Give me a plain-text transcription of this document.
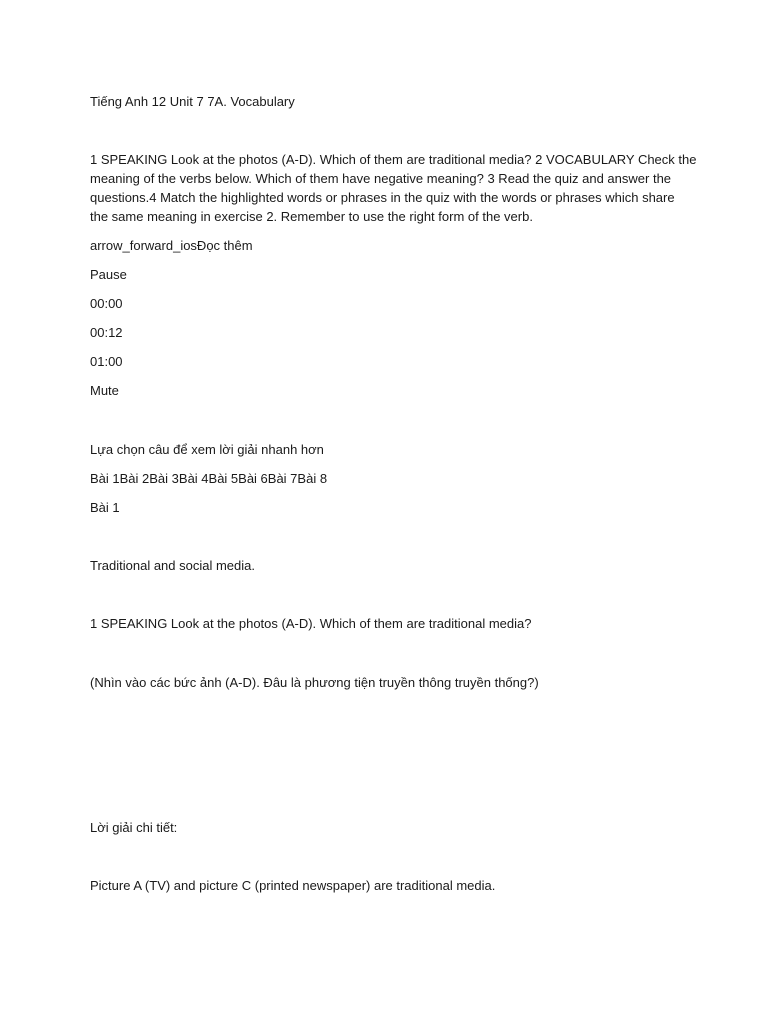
Tiếng Anh 12 Unit 7 7A. Vocabulary
1 SPEAKING Look at the photos (A-D). Which of them are traditional media? 2 VOCABULARY Check the
meaning of the verbs below. Which of them have negative meaning? 3 Read the quiz and answer the
questions.4 Match the highlighted words or phrases in the quiz with the words or phrases which share
the same meaning in exercise 2. Remember to use the right form of the verb.
arrow_forward_iosĐọc thêm
Pause
00:00
00:12
01:00
Mute
Lựa chọn câu để xem lời giải nhanh hơn
Bài 1Bài 2Bài 3Bài 4Bài 5Bài 6Bài 7Bài 8
Bài 1
Traditional and social media.
1 SPEAKING Look at the photos (A-D). Which of them are traditional media?
(Nhìn vào các bức ảnh (A-D). Đâu là phương tiện truyền thông truyền thống?)
Lời giải chi tiết:
Picture A (TV) and picture C (printed newspaper) are traditional media.
